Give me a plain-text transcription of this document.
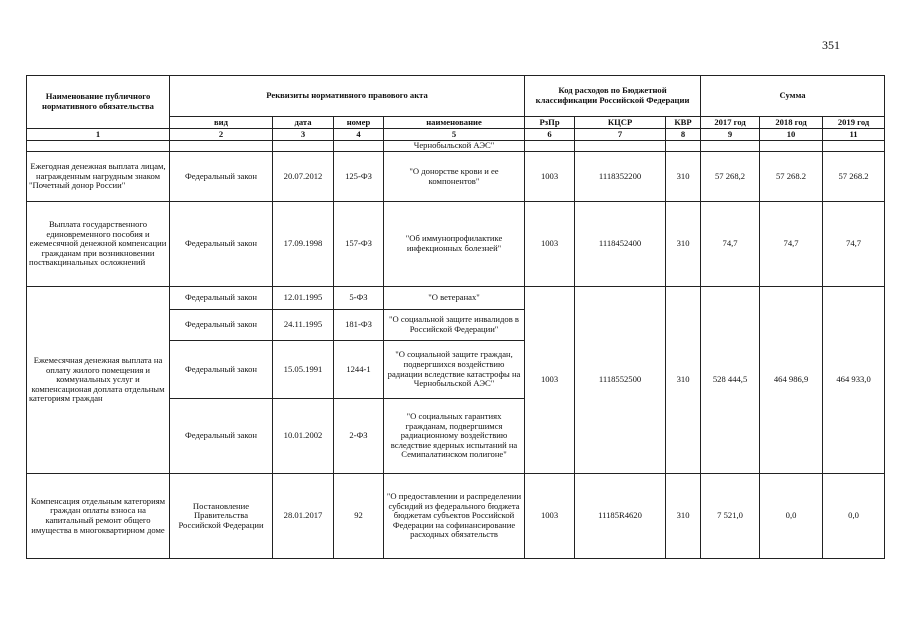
351
Наименование публичного нормативного обязательства	Реквизиты нормативного правового акта				Код расходов по Бюджетной классификации Российской Федерации			Сумма		
	вид	дата	номер	наименование	РзПр	КЦСР	КВР	2017 год	2018 год	2019 год
1	2	3	4	5	6	7	8	9	10	11
				Чернобыльской АЭС"						
Ежегодная денежная выплата лицам, награжденным нагрудным знаком "Почетный донор России"	Федеральный закон	20.07.2012	125-ФЗ	"О донорстве крови и ее компонентов"	1003	1118352200	310	57 268,2	57 268.2	57 268.2
Выплата государственного единовременного пособия и ежемесячной денежной компенсации гражданам при возникновении поствакцинальных осложнений	Федеральный закон	17.09.1998	157-ФЗ	"Об иммунопрофилактике инфекционных болезней"	1003	1118452400	310	74,7	74,7	74,7
Ежемесячная денежная выплата на оплату жилого помещения и коммунальных услуг и компенсационая доплата отдельным категориям граждан	Федеральный закон	12.01.1995	5-ФЗ	"О ветеранах"	1003	1118552500	310	528 444,5	464 986,9	464 933,0
	Федеральный закон	24.11.1995	181-ФЗ	"О социальной защите инвалидов в Российской Федерации"						
	Федеральный закон	15.05.1991	1244-1	"О социальной защите граждан, подвергшихся воздействию радиации вследствие катастрофы на Чернобыльской АЭС"						
	Федеральный закон	10.01.2002	2-ФЗ	"О социальных гарантиях гражданам, подвергшимся радиационному воздействию вследствие ядерных испытаний на Семипалатинском полигоне"						
Компенсация отдельным категориям граждан оплаты взноса на капитальный ремонт общего имущества в многоквартирном доме	Постановление Правительства Российской Федерации	28.01.2017	92	"О предоставлении и распределении субсидий из федерального бюджета бюджетам субъектов Российской Федерации на софинансирование расходных обязательств	1003	11185R4620	310	7 521,0	0,0	0,0
